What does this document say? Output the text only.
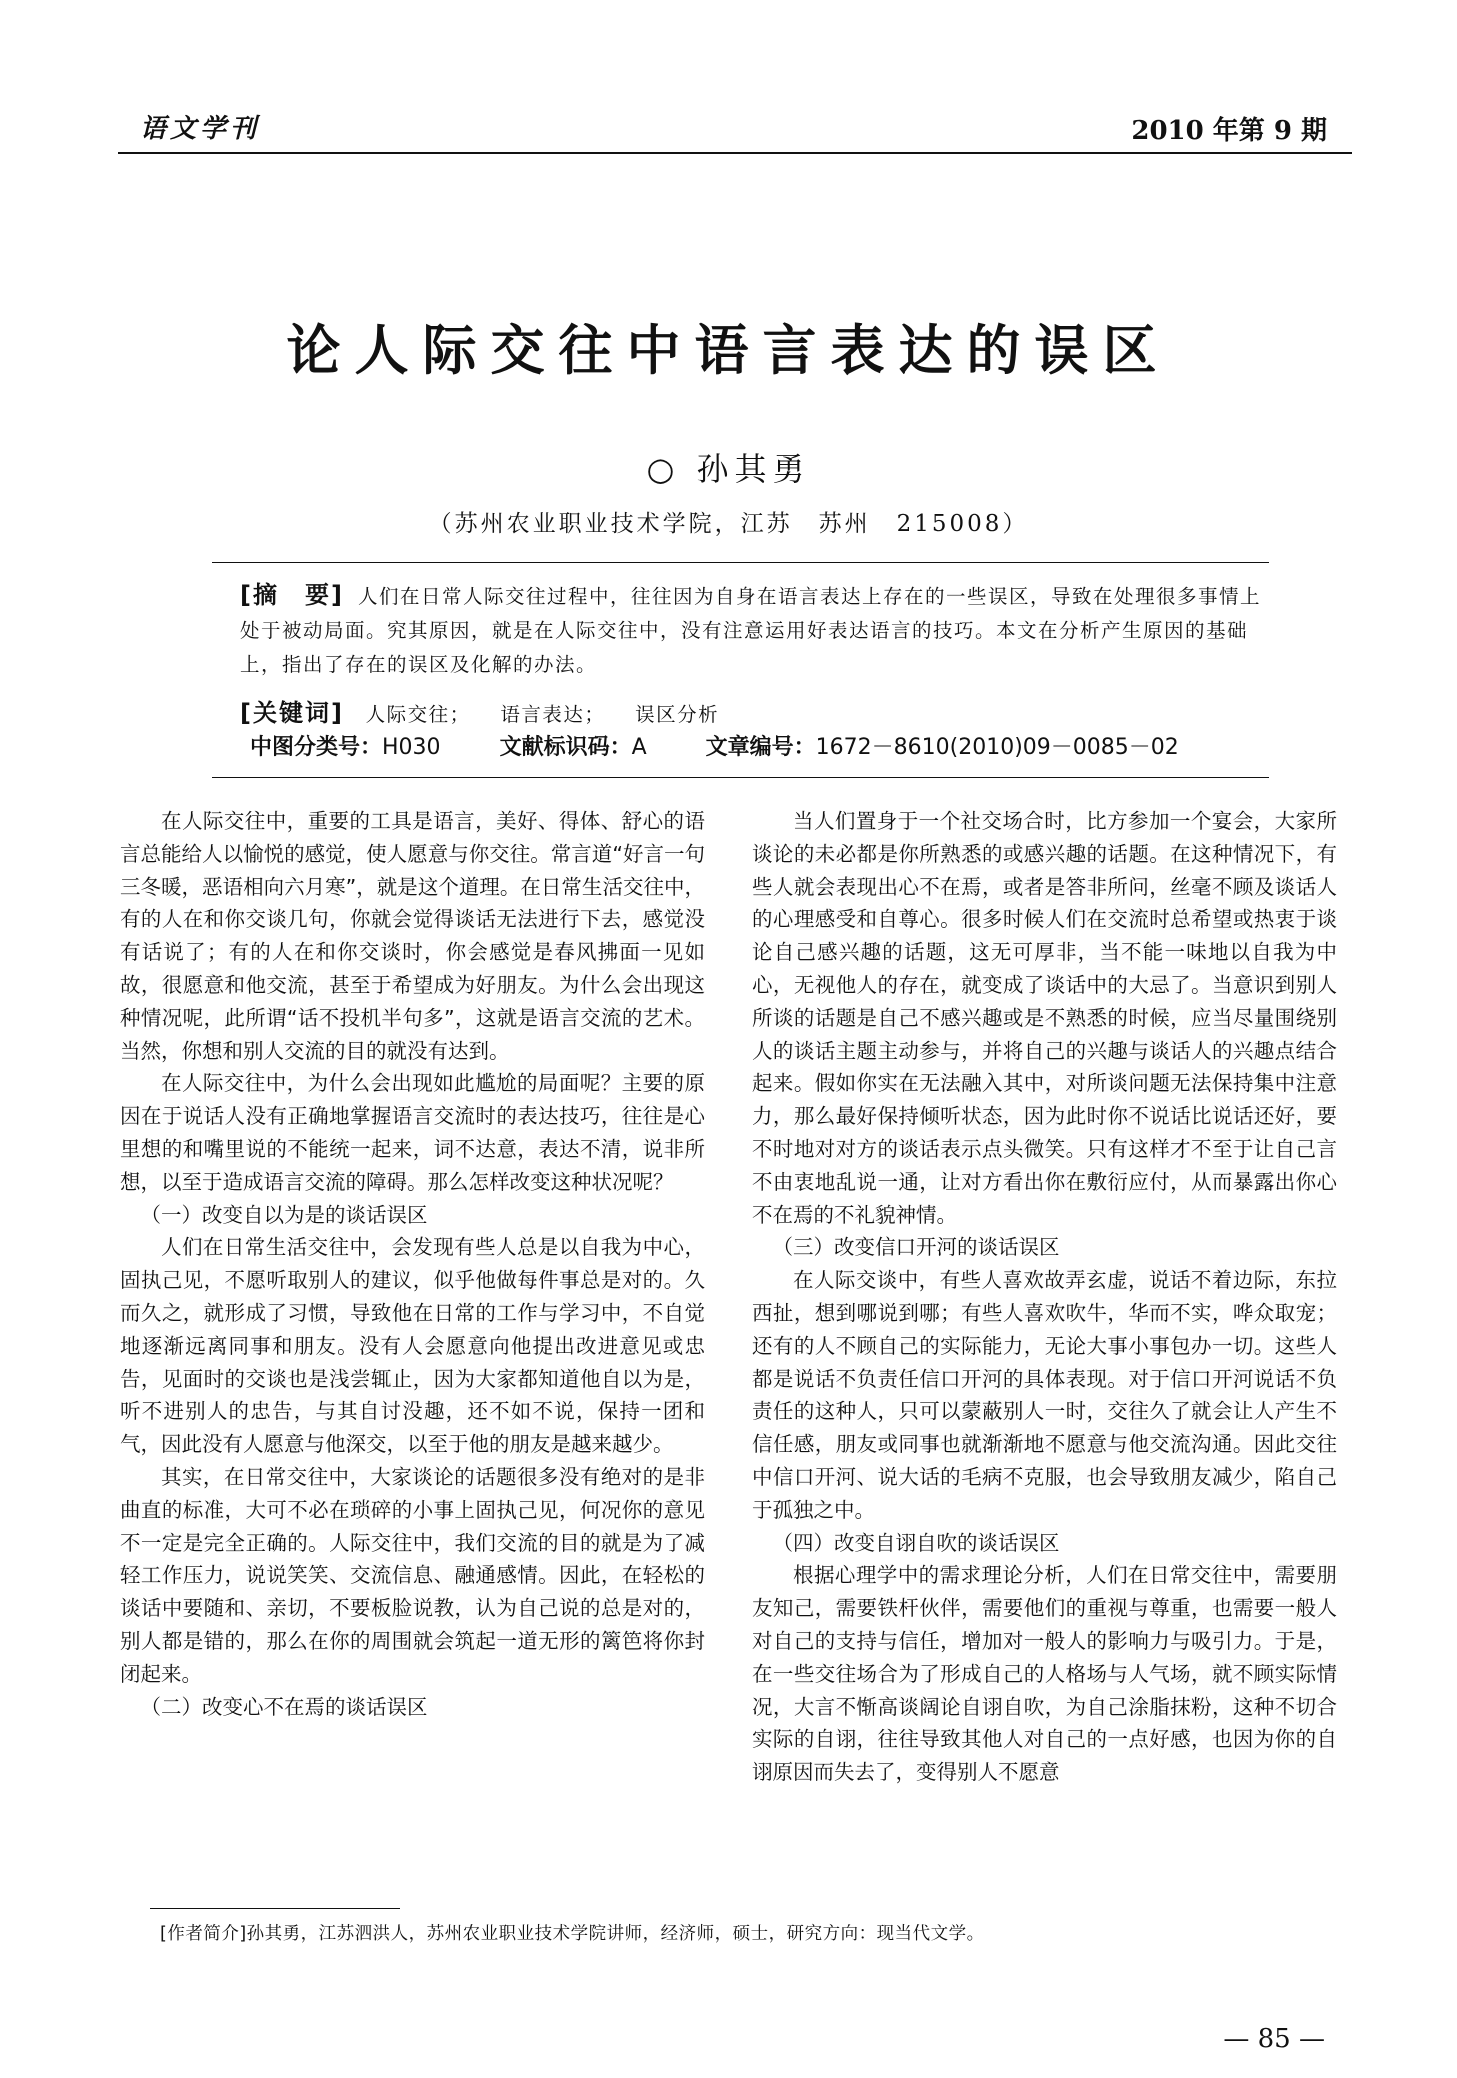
语文学刊	2010 年第 9 期
论人际交往中语言表达的误区
○ 孙其勇
（苏州农业职业技术学院，江苏　苏州　215008）
[摘　要] 人们在日常人际交往过程中，往往因为自身在语言表达上存在的一些误区，导致在处理很多事情上处于被动局面。究其原因，就是在人际交往中，没有注意运用好表达语言的技巧。本文在分析产生原因的基础上，指出了存在的误区及化解的办法。
[关键词] 人际交往； 语言表达； 误区分析
中图分类号：H030	文献标识码：A	文章编号：1672－8610(2010)09－0085－02

在人际交往中，重要的工具是语言，美好、得体、舒心的语言总能给人以愉悦的感觉，使人愿意与你交往。常言道“好言一句三冬暖，恶语相向六月寒”，就是这个道理。在日常生活交往中，有的人在和你交谈几句，你就会觉得谈话无法进行下去，感觉没有话说了；有的人在和你交谈时，你会感觉是春风拂面一见如故，很愿意和他交流，甚至于希望成为好朋友。为什么会出现这种情况呢，此所谓“话不投机半句多”，这就是语言交流的艺术。当然，你想和别人交流的目的就没有达到。

在人际交往中，为什么会出现如此尴尬的局面呢？主要的原因在于说话人没有正确地掌握语言交流时的表达技巧，往往是心里想的和嘴里说的不能统一起来，词不达意，表达不清，说非所想，以至于造成语言交流的障碍。那么怎样改变这种状况呢？

（一）改变自以为是的谈话误区

人们在日常生活交往中，会发现有些人总是以自我为中心，固执己见，不愿听取别人的建议，似乎他做每件事总是对的。久而久之，就形成了习惯，导致他在日常的工作与学习中，不自觉地逐渐远离同事和朋友。没有人会愿意向他提出改进意见或忠告，见面时的交谈也是浅尝辄止，因为大家都知道他自以为是，听不进别人的忠告，与其自讨没趣，还不如不说，保持一团和气，因此没有人愿意与他深交，以至于他的朋友是越来越少。

其实，在日常交往中，大家谈论的话题很多没有绝对的是非曲直的标准，大可不必在琐碎的小事上固执己见，何况你的意见不一定是完全正确的。人际交往中，我们交流的目的就是为了减轻工作压力，说说笑笑、交流信息、融通感情。因此，在轻松的谈话中要随和、亲切，不要板脸说教，认为自己说的总是对的，别人都是错的，那么在你的周围就会筑起一道无形的篱笆将你封闭起来。

（二）改变心不在焉的谈话误区

当人们置身于一个社交场合时，比方参加一个宴会，大家所谈论的未必都是你所熟悉的或感兴趣的话题。在这种情况下，有些人就会表现出心不在焉，或者是答非所问，丝毫不顾及谈话人的心理感受和自尊心。很多时候人们在交流时总希望或热衷于谈论自己感兴趣的话题，这无可厚非，当不能一味地以自我为中心，无视他人的存在，就变成了谈话中的大忌了。当意识到别人所谈的话题是自己不感兴趣或是不熟悉的时候，应当尽量围绕别人的谈话主题主动参与，并将自己的兴趣与谈话人的兴趣点结合起来。假如你实在无法融入其中，对所谈问题无法保持集中注意力，那么最好保持倾听状态，因为此时你不说话比说话还好，要不时地对对方的谈话表示点头微笑。只有这样才不至于让自己言不由衷地乱说一通，让对方看出你在敷衍应付，从而暴露出你心不在焉的不礼貌神情。

（三）改变信口开河的谈话误区

在人际交谈中，有些人喜欢故弄玄虚，说话不着边际，东拉西扯，想到哪说到哪；有些人喜欢吹牛，华而不实，哗众取宠；还有的人不顾自己的实际能力，无论大事小事包办一切。这些人都是说话不负责任信口开河的具体表现。对于信口开河说话不负责任的这种人，只可以蒙蔽别人一时，交往久了就会让人产生不信任感，朋友或同事也就渐渐地不愿意与他交流沟通。因此交往中信口开河、说大话的毛病不克服，也会导致朋友减少，陷自己于孤独之中。

（四）改变自诩自吹的谈话误区

根据心理学中的需求理论分析，人们在日常交往中，需要朋友知己，需要铁杆伙伴，需要他们的重视与尊重，也需要一般人对自己的支持与信任，增加对一般人的影响力与吸引力。于是，在一些交往场合为了形成自己的人格场与人气场，就不顾实际情况，大言不惭高谈阔论自诩自吹，为自己涂脂抹粉，这种不切合实际的自诩，往往导致其他人对自己的一点好感，也因为你的自诩原因而失去了，变得别人不愿意

[作者简介]孙其勇，江苏泗洪人，苏州农业职业技术学院讲师，经济师，硕士，研究方向：现当代文学。
— 85 —
